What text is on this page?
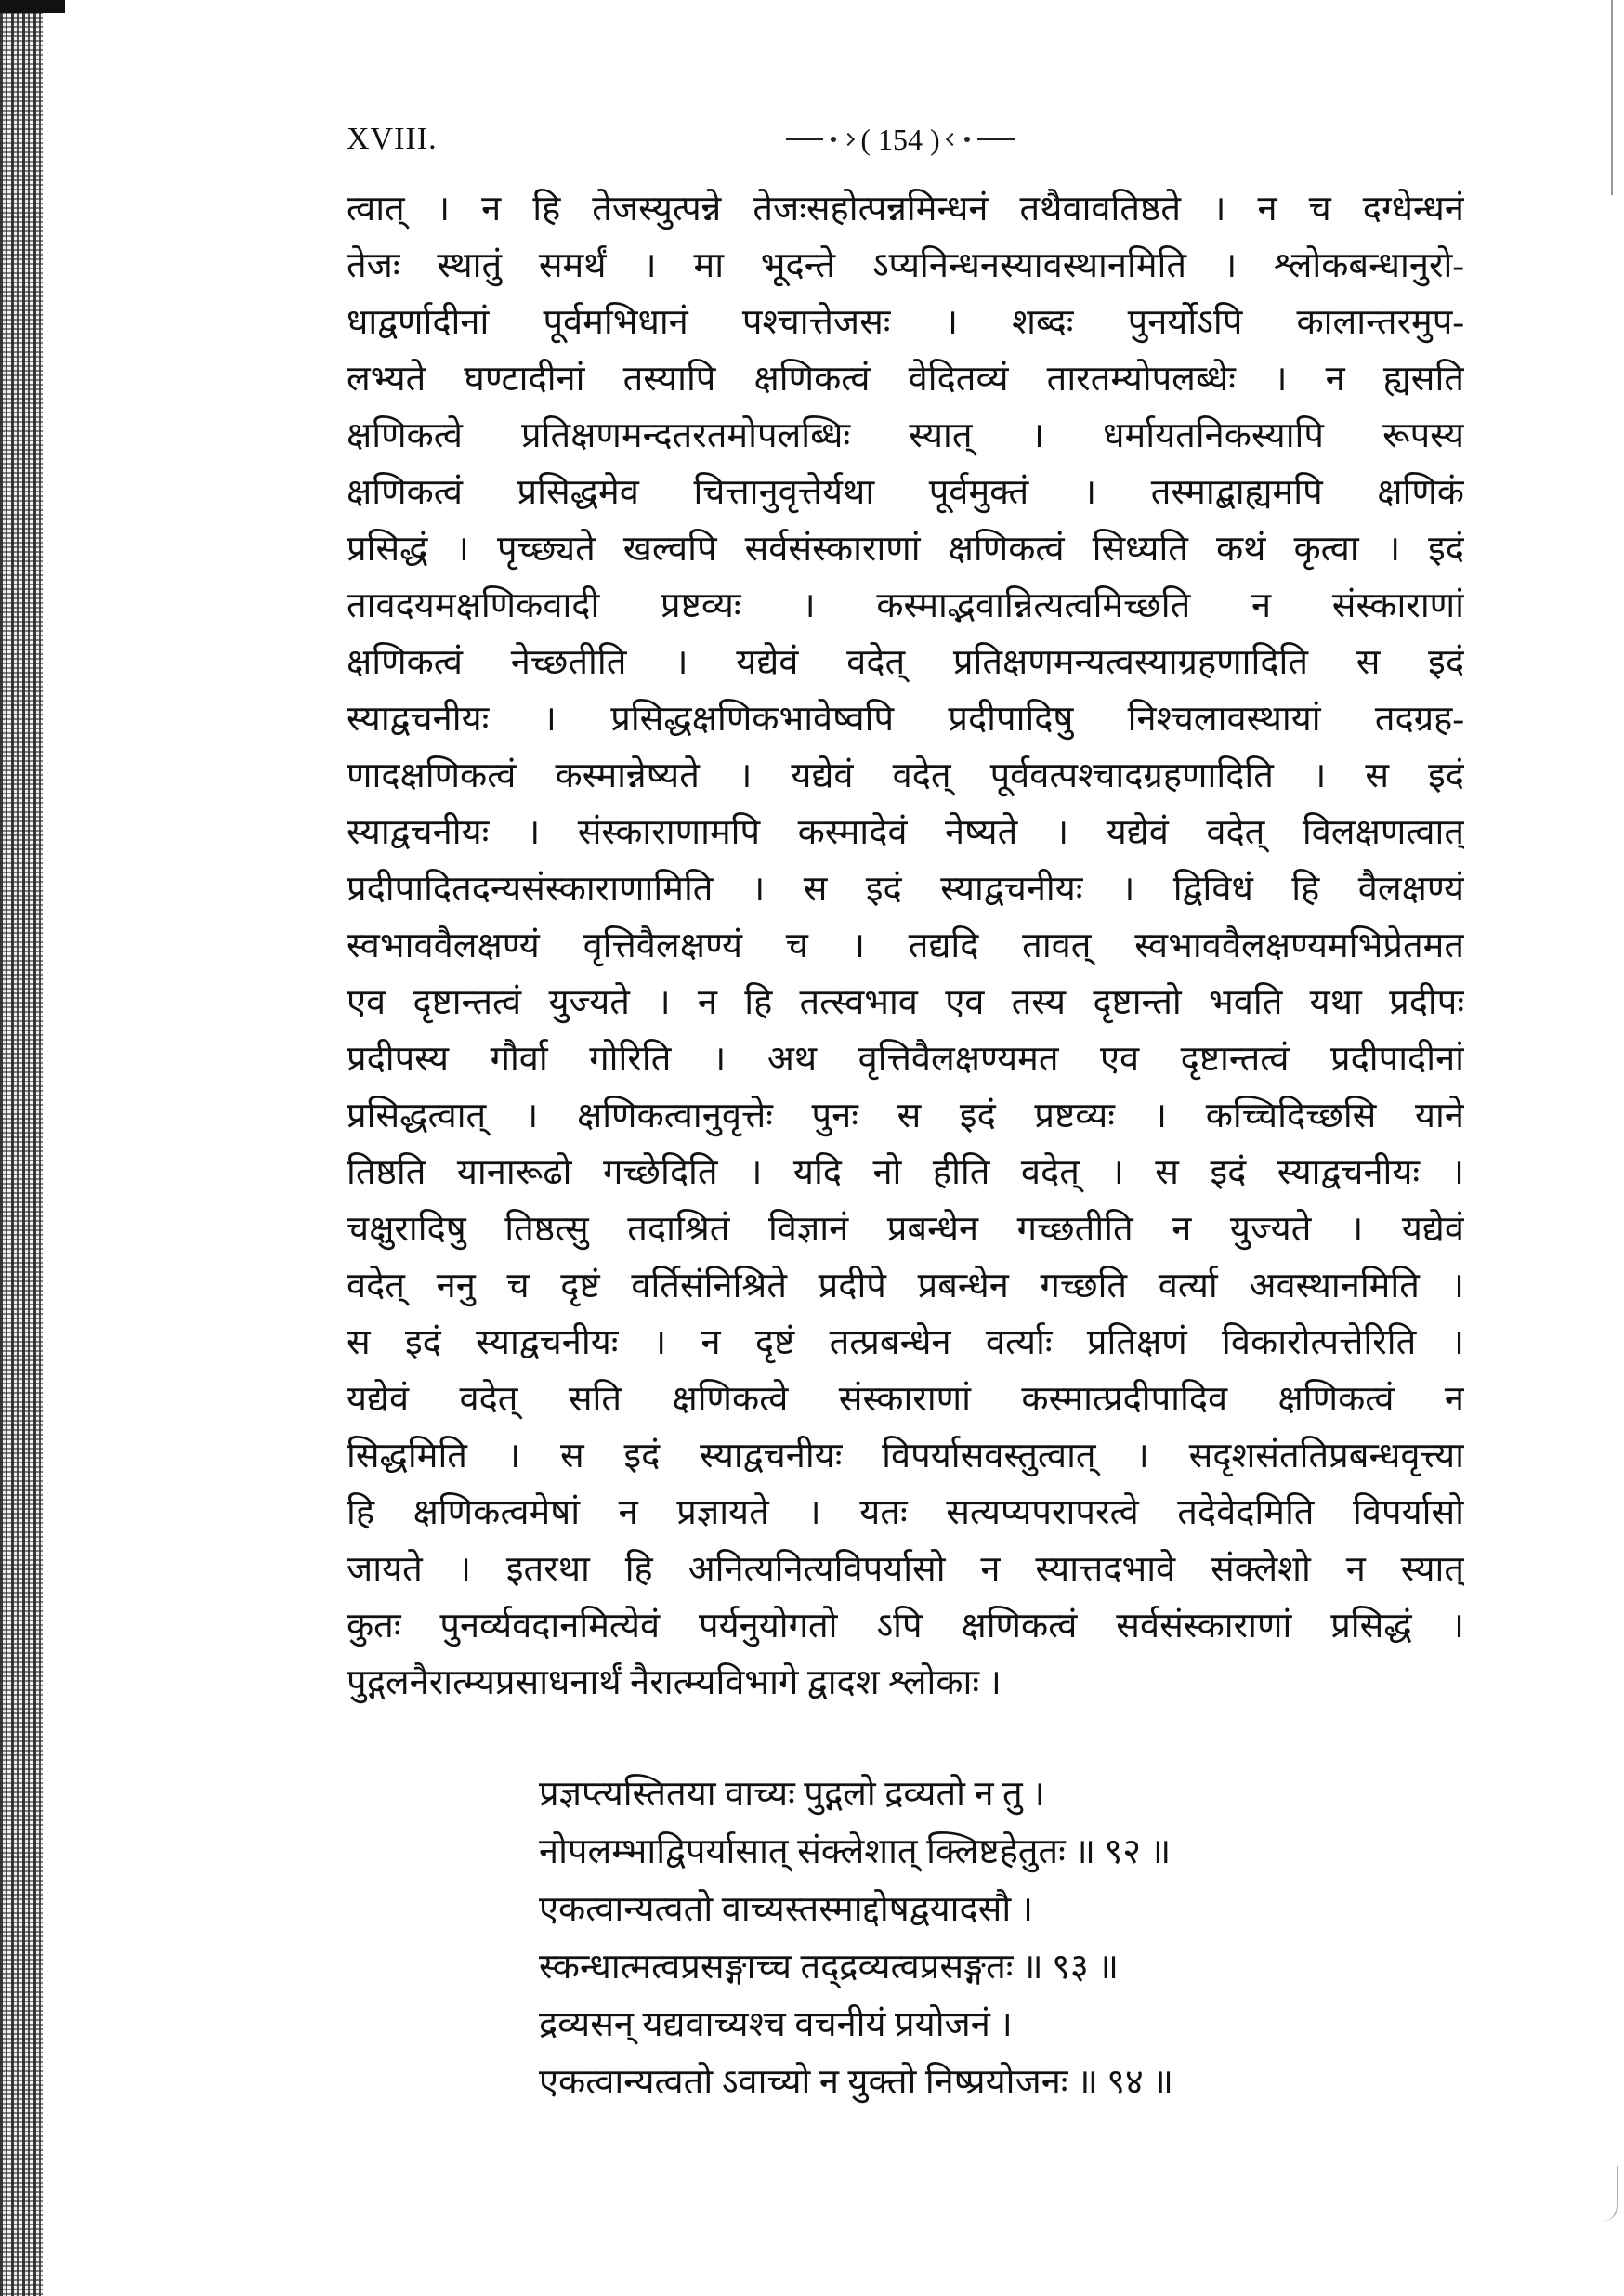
XVIII.	( 154 )
त्वात् । न हि तेजस्युत्पन्ने तेजःसहोत्पन्नमिन्धनं तथैवावतिष्ठते । न च दग्धेन्धनं
तेजः स्थातुं समर्थं । मा भूदन्ते ऽप्यनिन्धनस्यावस्थानमिति । श्लोकबन्धानुरो-
धाद्वर्णादीनां पूर्वमभिधानं पश्चात्तेजसः । शब्दः पुनर्योऽपि कालान्तरमुप-
लभ्यते घण्टादीनां तस्यापि क्षणिकत्वं वेदितव्यं तारतम्योपलब्धेः । न ह्यसति
क्षणिकत्वे प्रतिक्षणमन्दतरतमोपलब्धिः स्यात् । धर्मायतनिकस्यापि रूपस्य
क्षणिकत्वं प्रसिद्धमेव चित्तानुवृत्तेर्यथा पूर्वमुक्तं । तस्माद्बाह्यमपि क्षणिकं
प्रसिद्धं । पृच्छ्यते खल्वपि सर्वसंस्काराणां क्षणिकत्वं सिध्यति कथं कृत्वा । इदं
तावदयमक्षणिकवादी प्रष्टव्यः । कस्माद्भवान्नित्यत्वमिच्छति न संस्काराणां
क्षणिकत्वं नेच्छतीति । यद्येवं वदेत् प्रतिक्षणमन्यत्वस्याग्रहणादिति स इदं
स्याद्वचनीयः । प्रसिद्धक्षणिकभावेष्वपि प्रदीपादिषु निश्चलावस्थायां तदग्रह-
णादक्षणिकत्वं कस्मान्नेष्यते । यद्येवं वदेत् पूर्ववत्पश्चादग्रहणादिति । स इदं
स्याद्वचनीयः । संस्काराणामपि कस्मादेवं नेष्यते । यद्येवं वदेत् विलक्षणत्वात्
प्रदीपादितदन्यसंस्काराणामिति । स इदं स्याद्वचनीयः । द्विविधं हि वैलक्षण्यं
स्वभाववैलक्षण्यं वृत्तिवैलक्षण्यं च । तद्यदि तावत् स्वभाववैलक्षण्यमभिप्रेतमत
एव दृष्टान्तत्वं युज्यते । न हि तत्स्वभाव एव तस्य दृष्टान्तो भवति यथा प्रदीपः
प्रदीपस्य गौर्वा गोरिति । अथ वृत्तिवैलक्षण्यमत एव दृष्टान्तत्वं प्रदीपादीनां
प्रसिद्धत्वात् । क्षणिकत्वानुवृत्तेः पुनः स इदं प्रष्टव्यः । कच्चिदिच्छसि याने
तिष्ठति यानारूढो गच्छेदिति । यदि नो हीति वदेत् । स इदं स्याद्वचनीयः ।
चक्षुरादिषु तिष्ठत्सु तदाश्रितं विज्ञानं प्रबन्धेन गच्छतीति न युज्यते । यद्येवं
वदेत् ननु च दृष्टं वर्तिसंनिश्रिते प्रदीपे प्रबन्धेन गच्छति वर्त्या अवस्थानमिति ।
स इदं स्याद्वचनीयः । न दृष्टं तत्प्रबन्धेन वर्त्याः प्रतिक्षणं विकारोत्पत्तेरिति ।
यद्येवं वदेत् सति क्षणिकत्वे संस्काराणां कस्मात्प्रदीपादिव क्षणिकत्वं न
सिद्धमिति । स इदं स्याद्वचनीयः विपर्यासवस्तुत्वात् । सदृशसंततिप्रबन्धवृत्त्या
हि क्षणिकत्वमेषां न प्रज्ञायते । यतः सत्यप्यपरापरत्वे तदेवेदमिति विपर्यासो
जायते । इतरथा हि अनित्यनित्यविपर्यासो न स्यात्तदभावे संक्लेशो न स्यात्
कुतः पुनर्व्यवदानमित्येवं पर्यनुयोगतो ऽपि क्षणिकत्वं सर्वसंस्काराणां प्रसिद्धं ।
पुद्गलनैरात्म्यप्रसाधनार्थं नैरात्म्यविभागे द्वादश श्लोकाः ।
प्रज्ञप्त्यस्तितया वाच्यः पुद्गलो द्रव्यतो न तु ।
नोपलम्भाद्विपर्यासात् संक्लेशात् क्लिष्टहेतुतः ॥ ९२ ॥
एकत्वान्यत्वतो वाच्यस्तस्माद्दोषद्वयादसौ ।
स्कन्धात्मत्वप्रसङ्गाच्च तद्द्रव्यत्वप्रसङ्गतः ॥ ९३ ॥
द्रव्यसन् यद्यवाच्यश्च वचनीयं प्रयोजनं ।
एकत्वान्यत्वतो ऽवाच्यो न युक्तो निष्प्रयोजनः ॥ ९४ ॥
